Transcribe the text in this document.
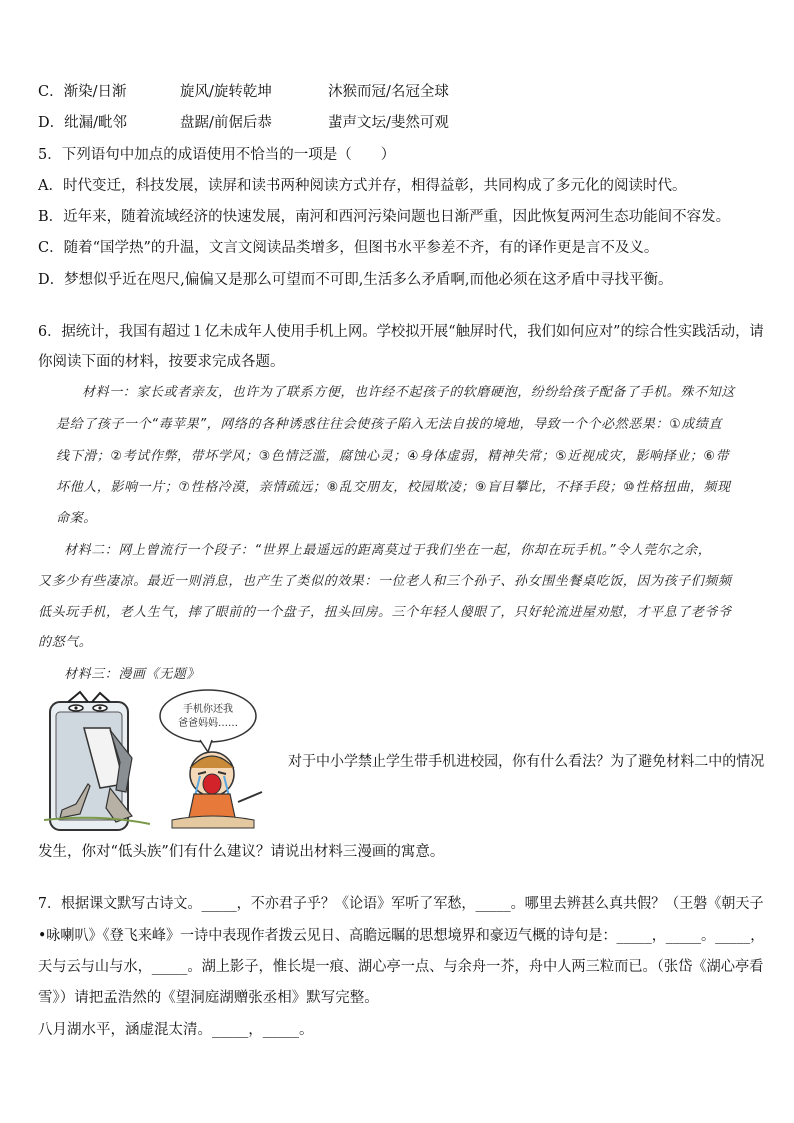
C．渐染/日渐	旋风/旋转乾坤	沐猴而冠/名冠全球
D．纰漏/毗邻	盘踞/前倨后恭	蜚声文坛/斐然可观
5．下列语句中加点的成语使用不恰当的一项是（　　）
A．时代变迁，科技发展，读屏和读书两种阅读方式并存，相得益彰，共同构成了多元化的阅读时代。
B．近年来，随着流域经济的快速发展，南河和西河污染问题也日渐严重，因此恢复两河生态功能间不容发。
C．随着“国学热”的升温，文言文阅读品类增多，但图书水平参差不齐，有的译作更是言不及义。
D．梦想似乎近在咫尺,偏偏又是那么可望而不可即,生活多么矛盾啊,而他必须在这矛盾中寻找平衡。
6．据统计，我国有超过１亿未成年人使用手机上网。学校拟开展“触屏时代，我们如何应对”的综合性实践活动，请
你阅读下面的材料，按要求完成各题。
材料一：家长或者亲友，也许为了联系方便，也许经不起孩子的软磨硬泡，纷纷给孩子配备了手机。殊不知这
是给了孩子一个“毒苹果”，网络的各种诱惑往往会使孩子陷入无法自拔的境地，导致一个个必然恶果：①成绩直
线下滑；②考试作弊，带坏学风；③色情泛滥，腐蚀心灵；④身体虚弱，精神失常；⑤近视成灾，影响择业；⑥带
坏他人，影响一片；⑦性格冷漠，亲情疏远；⑧乱交朋友，校园欺凌；⑨盲目攀比，不择手段；⑩性格扭曲，频现
命案。
材料二：网上曾流行一个段子：“世界上最遥远的距离莫过于我们坐在一起，你却在玩手机。”令人莞尔之余，
又多少有些凄凉。最近一则消息，也产生了类似的效果：一位老人和三个孙子、孙女围坐餐桌吃饭，因为孩子们频频
低头玩手机，老人生气，摔了眼前的一个盘子，扭头回房。三个年轻人傻眼了，只好轮流进屋劝慰，才平息了老爷爷
的怒气。
材料三：漫画《无题》
手机你还我
爸爸妈妈……
对于中小学禁止学生带手机进校园，你有什么看法？为了避免材料二中的情况
发生，你对“低头族”们有什么建议？请说出材料三漫画的寓意。
7．根据课文默写古诗文。_____，不亦君子乎？《论语》军听了军愁，_____。哪里去辨甚么真共假？（王磐《朝天子
•咏喇叭》《登飞来峰》一诗中表现作者拨云见日、高瞻远瞩的思想境界和豪迈气概的诗句是：_____，_____。_____，
天与云与山与水，_____。湖上影子，惟长堤一痕、湖心亭一点、与余舟一芥，舟中人两三粒而已。（张岱《湖心亭看
雪》）请把孟浩然的《望洞庭湖赠张丞相》默写完整。
八月湖水平，涵虚混太清。_____，_____。
